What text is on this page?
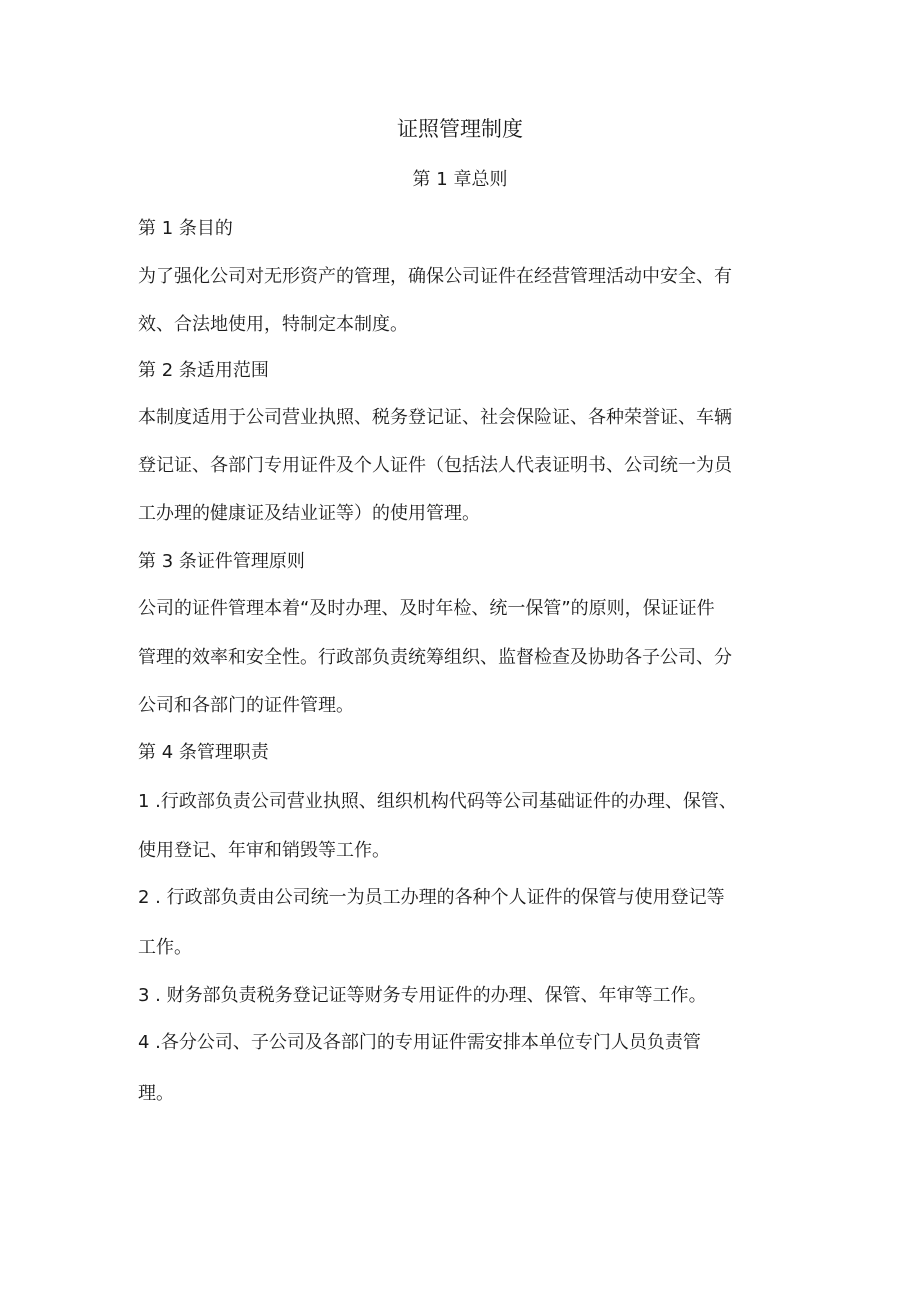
证照管理制度
第 1 章总则
第 1 条目的
为了强化公司对无形资产的管理，确保公司证件在经营管理活动中安全、有
效、合法地使用，特制定本制度。
第 2 条适用范围
本制度适用于公司营业执照、税务登记证、社会保险证、各种荣誉证、车辆
登记证、各部门专用证件及个人证件（包括法人代表证明书、公司统一为员
工办理的健康证及结业证等）的使用管理。
第 3 条证件管理原则
公司的证件管理本着“及时办理、及时年检、统一保管”的原则，保证证件
管理的效率和安全性。行政部负责统筹组织、监督检查及协助各子公司、分
公司和各部门的证件管理。
第 4 条管理职责
1 .行政部负责公司营业执照、组织机构代码等公司基础证件的办理、保管、
使用登记、年审和销毁等工作。
2 . 行政部负责由公司统一为员工办理的各种个人证件的保管与使用登记等
工作。
3 . 财务部负责税务登记证等财务专用证件的办理、保管、年审等工作。
4 .各分公司、子公司及各部门的专用证件需安排本单位专门人员负责管
理。
